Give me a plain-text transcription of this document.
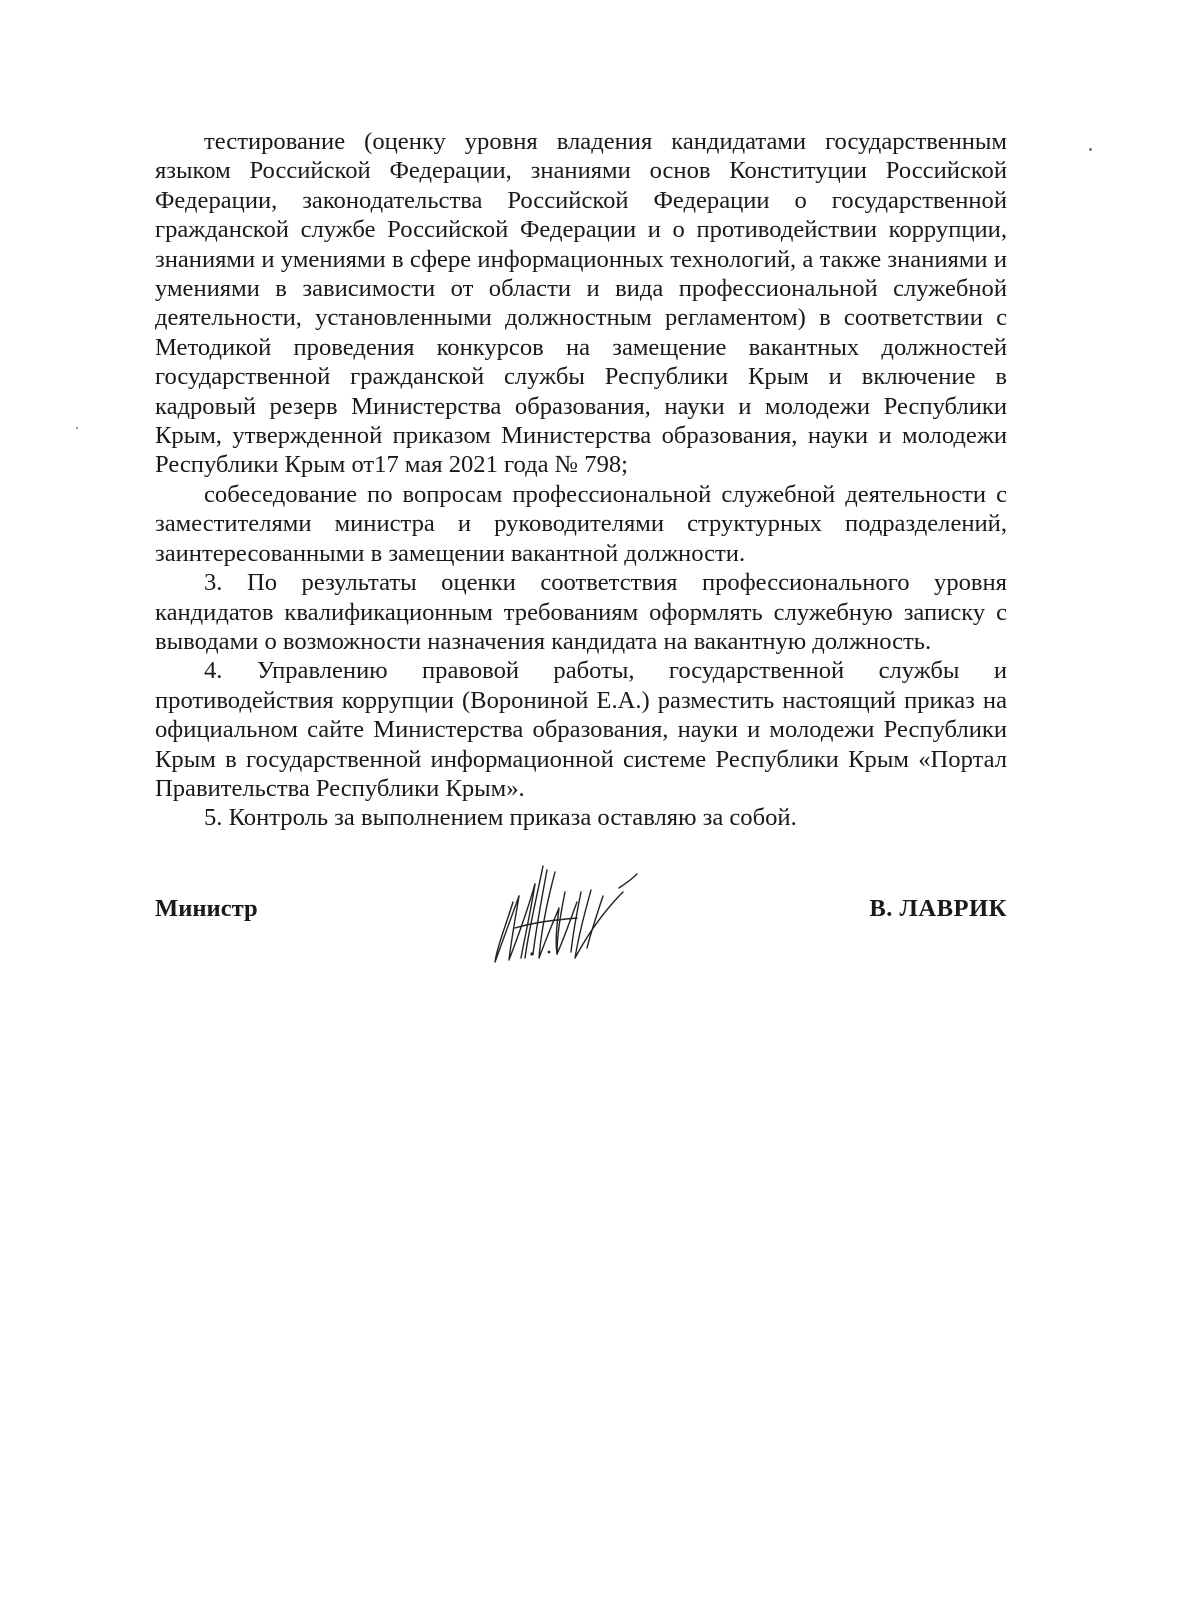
тестирование (оценку уровня владения кандидатами государственным языком Российской Федерации, знаниями основ Конституции Российской Федерации, законодательства Российской Федерации о государственной гражданской службе Российской Федерации и о противодействии коррупции, знаниями и умениями в сфере информационных технологий, а также знаниями и умениями в зависимости от области и вида профессиональной служебной деятельности, установленными должностным регламентом) в соответствии с Методикой проведения конкурсов на замещение вакантных должностей государственной гражданской службы Республики Крым и включение в кадровый резерв Министерства образования, науки и молодежи Республики Крым, утвержденной приказом Министерства образования, науки и молодежи Республики Крым от17 мая 2021 года № 798;

собеседование по вопросам профессиональной служебной деятельности с заместителями министра и руководителями структурных подразделений, заинтересованными в замещении вакантной должности.

3. По результаты оценки соответствия профессионального уровня кандидатов квалификационным требованиям оформлять служебную записку с выводами о возможности назначения кандидата на вакантную должность.

4. Управлению правовой работы, государственной службы и противодействия коррупции (Ворониной Е.А.) разместить настоящий приказ на официальном сайте Министерства образования, науки и молодежи Республики Крым в государственной информационной системе Республики Крым «Портал Правительства Республики Крым».

5. Контроль за выполнением приказа оставляю за собой.

Министр	В. ЛАВРИК
